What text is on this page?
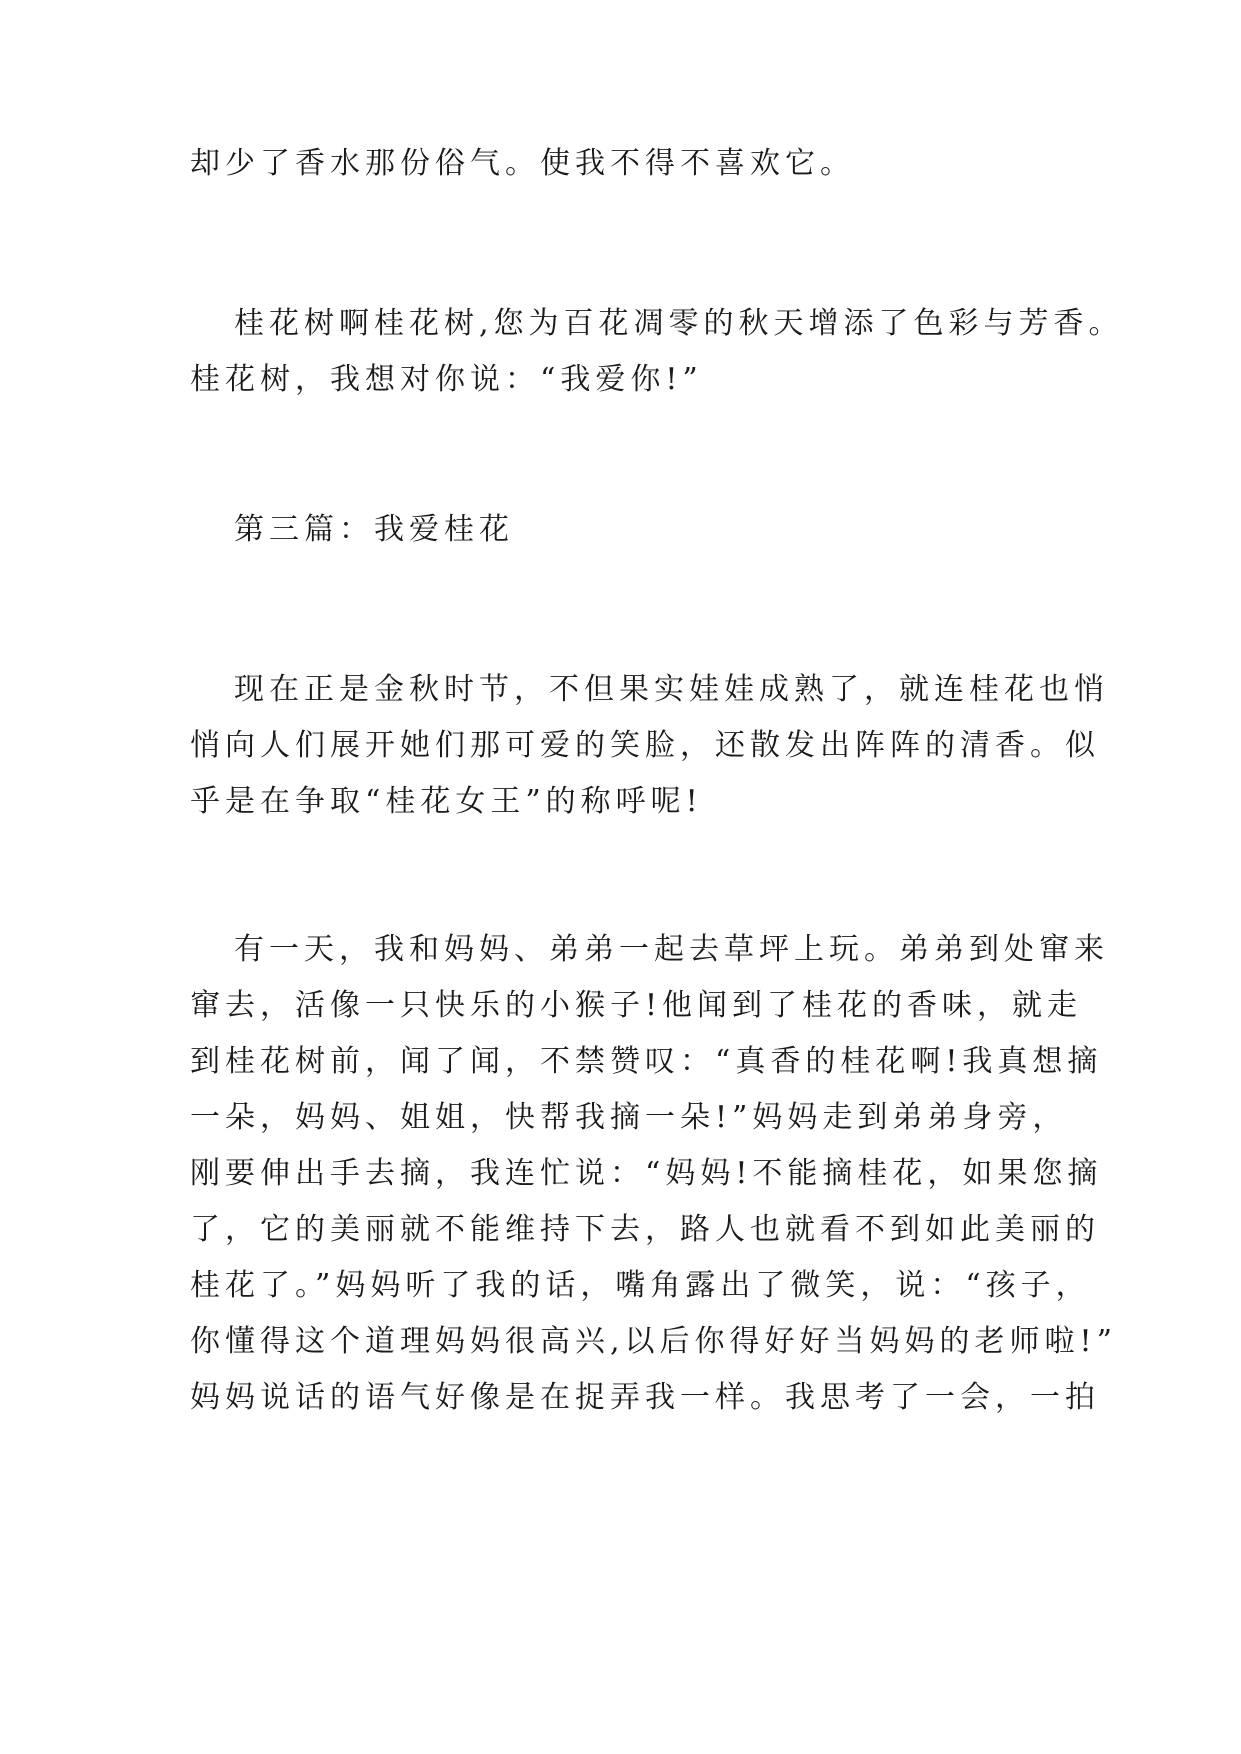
却少了香水那份俗气。使我不得不喜欢它。

桂花树啊桂花树,您为百花凋零的秋天增添了色彩与芳香。
桂花树，我想对你说：“我爱你!”

第三篇：我爱桂花

现在正是金秋时节，不但果实娃娃成熟了，就连桂花也悄
悄向人们展开她们那可爱的笑脸，还散发出阵阵的清香。似
乎是在争取“桂花女王”的称呼呢!

有一天，我和妈妈、弟弟一起去草坪上玩。弟弟到处窜来
窜去，活像一只快乐的小猴子!他闻到了桂花的香味，就走
到桂花树前，闻了闻，不禁赞叹：“真香的桂花啊!我真想摘
一朵，妈妈、姐姐，快帮我摘一朵!”妈妈走到弟弟身旁，
刚要伸出手去摘，我连忙说：“妈妈!不能摘桂花，如果您摘
了，它的美丽就不能维持下去，路人也就看不到如此美丽的
桂花了。”妈妈听了我的话，嘴角露出了微笑，说：“孩子，
你懂得这个道理妈妈很高兴,以后你得好好当妈妈的老师啦!”
妈妈说话的语气好像是在捉弄我一样。我思考了一会，一拍
